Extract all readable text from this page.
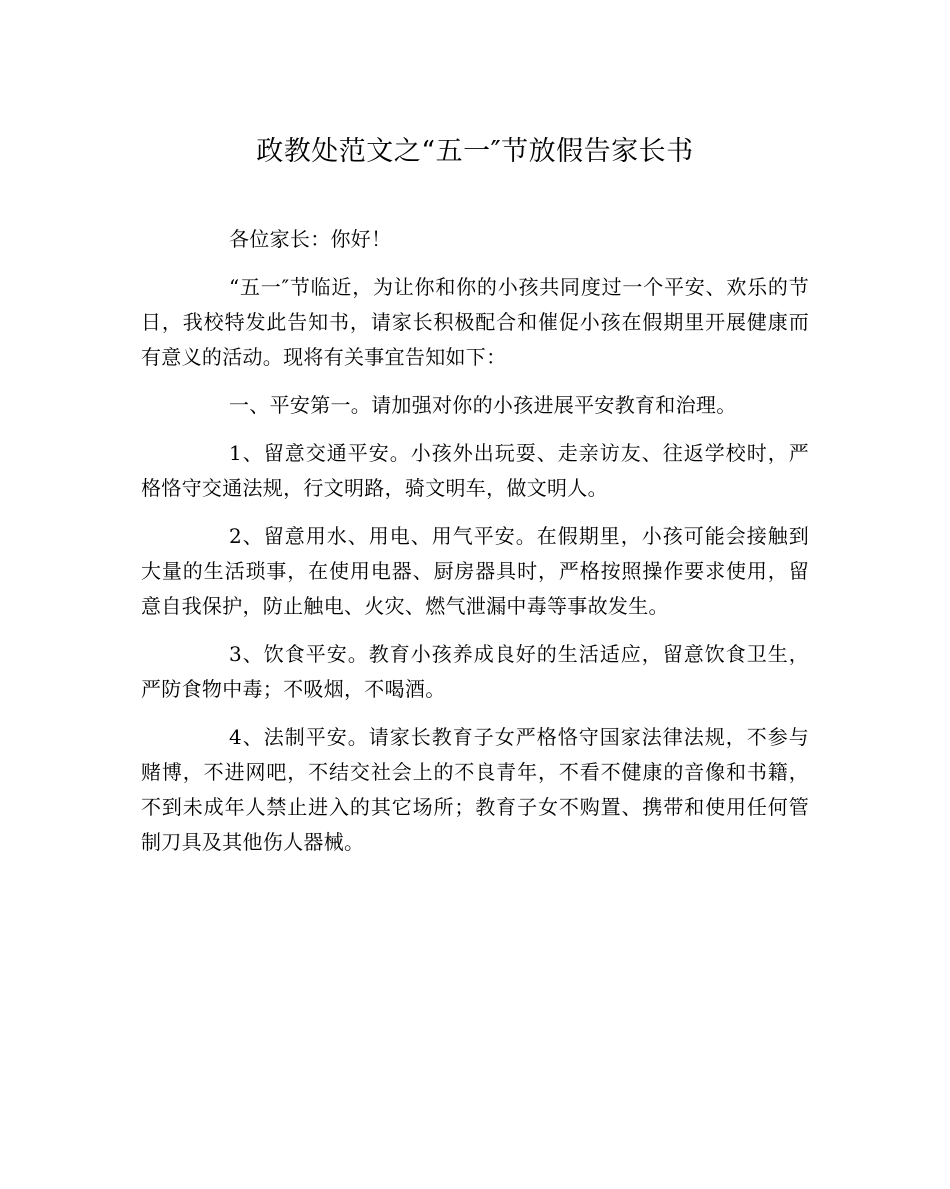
政教处范文之“五一″节放假告家长书

各位家长：你好！

“五一″节临近，为让你和你的小孩共同度过一个平安、欢乐的节日，我校特发此告知书，请家长积极配合和催促小孩在假期里开展健康而有意义的活动。现将有关事宜告知如下：

一、平安第一。请加强对你的小孩进展平安教育和治理。

1、留意交通平安。小孩外出玩耍、走亲访友、往返学校时，严格恪守交通法规，行文明路，骑文明车，做文明人。

2、留意用水、用电、用气平安。在假期里，小孩可能会接触到大量的生活琐事，在使用电器、厨房器具时，严格按照操作要求使用，留意自我保护，防止触电、火灾、燃气泄漏中毒等事故发生。

3、饮食平安。教育小孩养成良好的生活适应，留意饮食卫生，严防食物中毒；不吸烟，不喝酒。

4、法制平安。请家长教育子女严格恪守国家法律法规，不参与赌博，不进网吧，不结交社会上的不良青年，不看不健康的音像和书籍，不到未成年人禁止进入的其它场所；教育子女不购置、携带和使用任何管制刀具及其他伤人器械。
